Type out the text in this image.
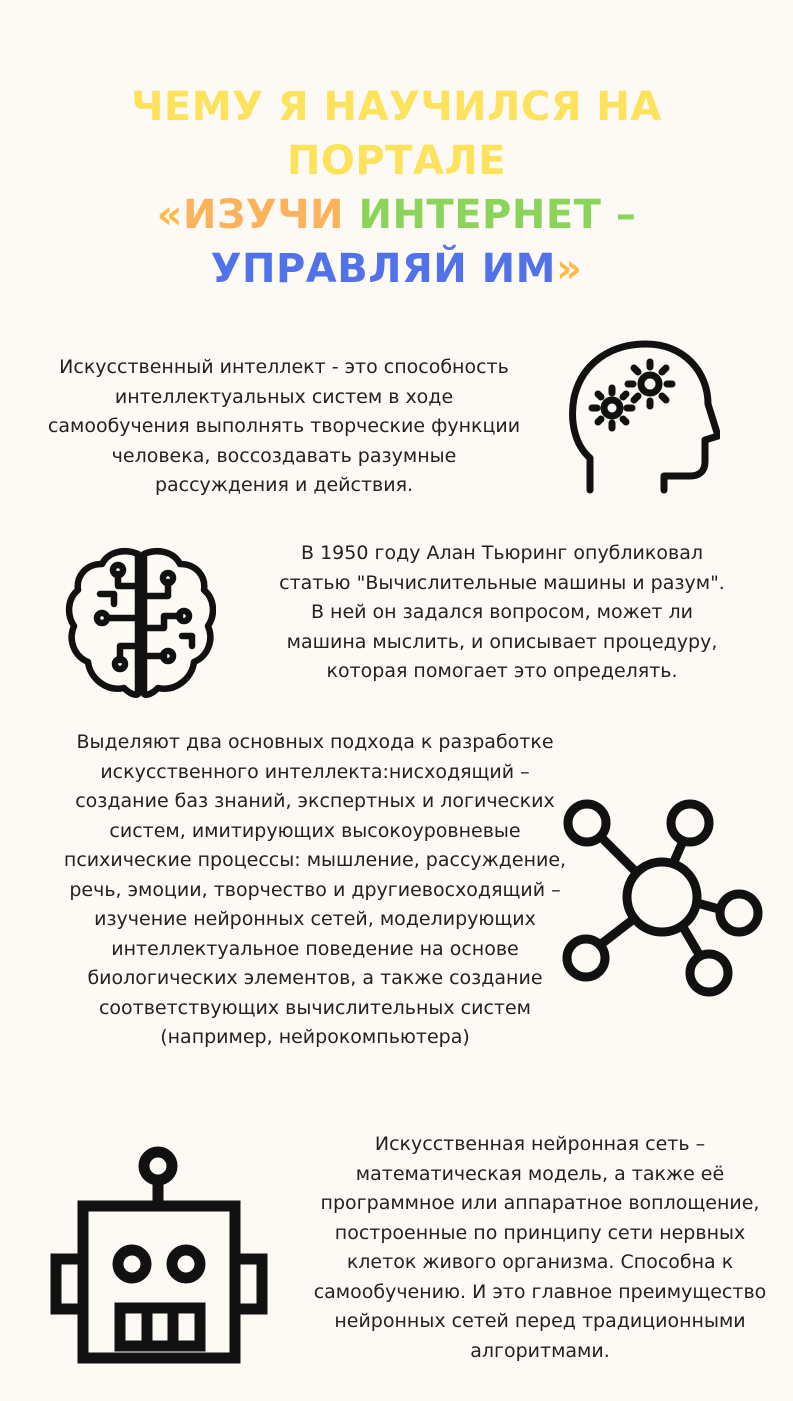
ЧЕМУ Я НАУЧИЛСЯ НА
ПОРТАЛЕ
«ИЗУЧИ ИНТЕРНЕТ –
УПРАВЛЯЙ ИМ»

Искусственный интеллект - это способность интеллектуальных систем в ходе самообучения выполнять творческие функции человека, воссоздавать разумные рассуждения и действия.

В 1950 году Алан Тьюринг опубликовал статью "Вычислительные машины и разум". В ней он задался вопросом, может ли машина мыслить, и описывает процедуру, которая помогает это определять.

Выделяют два основных подхода к разработке искусственного интеллекта:нисходящий – создание баз знаний, экспертных и логических систем, имитирующих высокоуровневые психические процессы: мышление, рассуждение, речь, эмоции, творчество и другиевосходящий – изучение нейронных сетей, моделирующих интеллектуальное поведение на основе биологических элементов, а также создание соответствующих вычислительных систем (например, нейрокомпьютера)

Искусственная нейронная сеть – математическая модель, а также её программное или аппаратное воплощение, построенные по принципу сети нервных клеток живого организма. Способна к самообучению. И это главное преимущество нейронных сетей перед традиционными алгоритмами.
